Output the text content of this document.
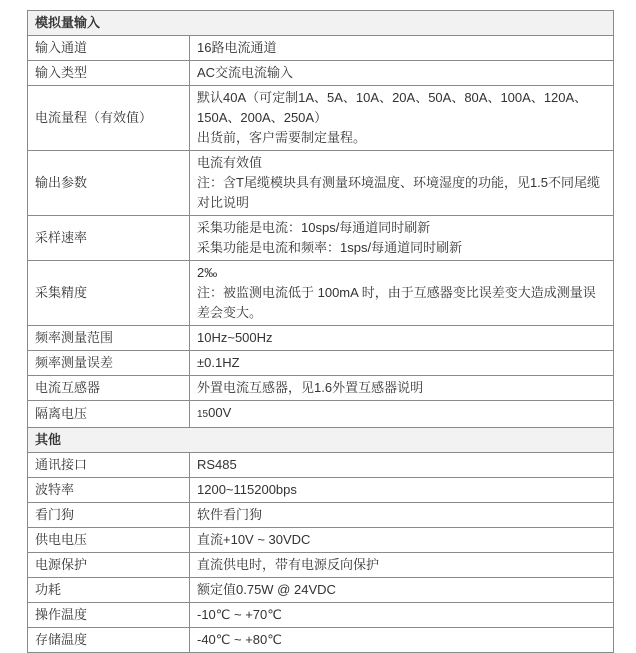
模拟量输入	
输入通道	16路电流通道

输入类型	AC交流电流输入

电流量程（有效值）	默认40A（可定制1A、5A、10A、20A、50A、80A、100A、120A、150A、200A、250A）
出货前，客户需要制定量程。

输出参数	电流有效值
注：含T尾缆模块具有测量环境温度、环境湿度的功能，见1.5不同尾缆对比说明

采样速率	采集功能是电流：10sps/每通道同时刷新
采集功能是电流和频率：1sps/每通道同时刷新

采集精度	2‰
注：被监测电流低于 100mA 时，由于互感器变比误差变大造成测量误差会变大。

频率测量范围	10Hz~500Hz

频率测量误差	±0.1HZ

电流互感器	外置电流互感器，见1.6外置互感器说明

隔离电压	1500V
其他	
通讯接口	RS485

波特率	1200~115200bps

看门狗	软件看门狗

供电电压	直流+10V ~ 30VDC

电源保护	直流供电时，带有电源反向保护

功耗	额定值0.75W @ 24VDC

操作温度	-10℃ ~ +70℃

存储温度	-40℃ ~ +80℃
